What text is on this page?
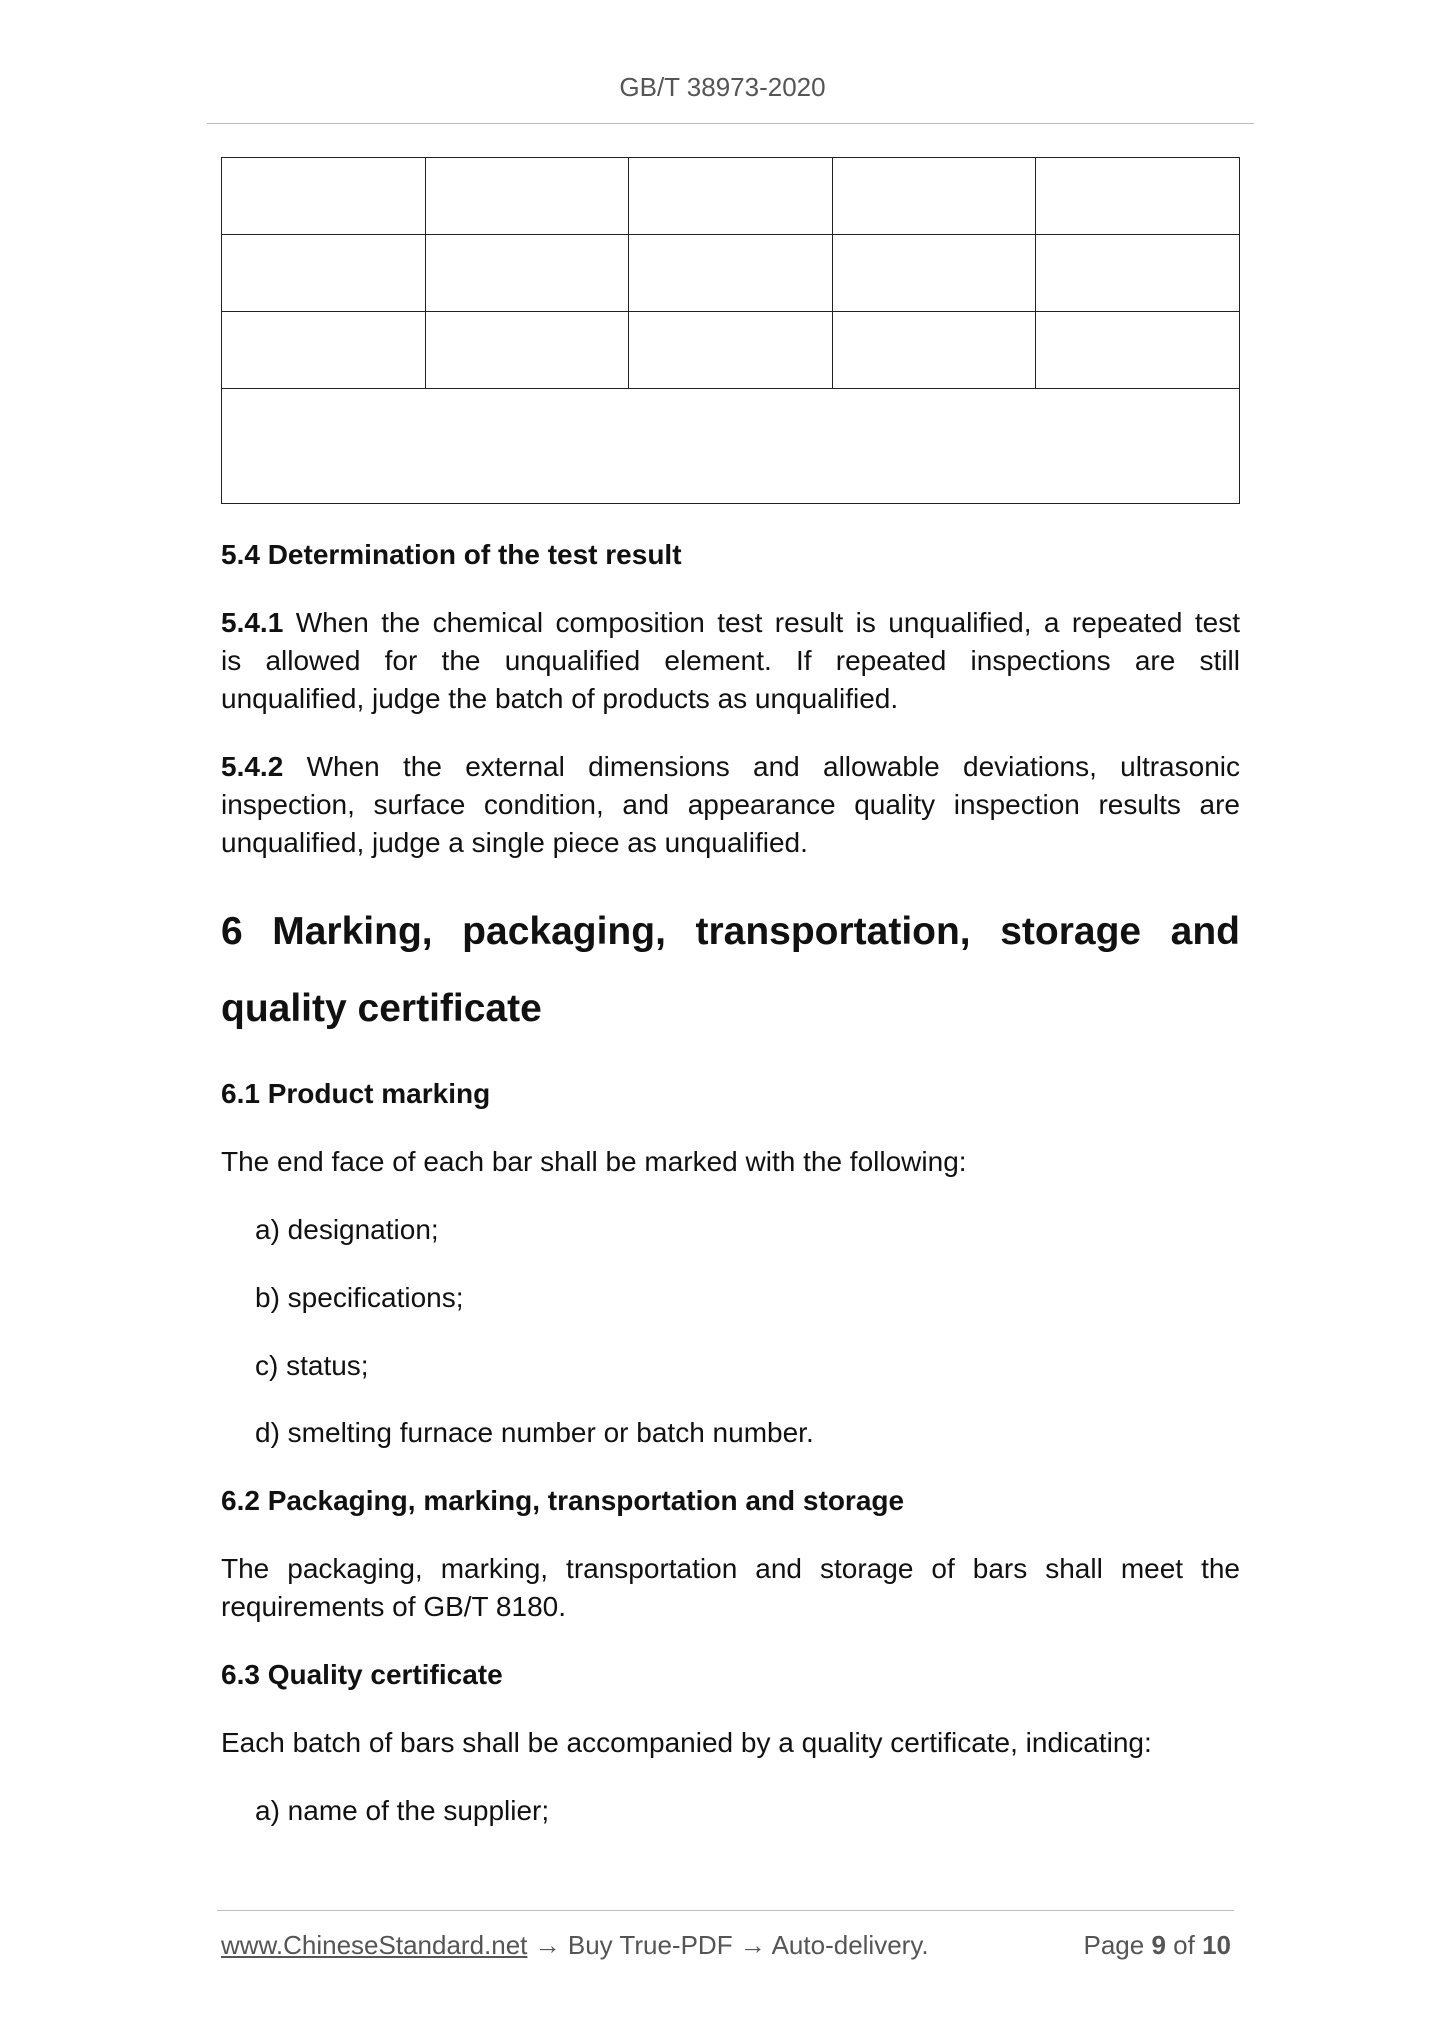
GB/T 38973-2020

5.4 Determination of the test result
5.4.1 When the chemical composition test result is unqualified, a repeated test
is allowed for the unqualified element. If repeated inspections are still
unqualified, judge the batch of products as unqualified.
5.4.2 When the external dimensions and allowable deviations, ultrasonic
inspection, surface condition, and appearance quality inspection results are
unqualified, judge a single piece as unqualified.
6 Marking, packaging, transportation, storage and
quality certificate
6.1 Product marking
The end face of each bar shall be marked with the following:
a) designation;
b) specifications;
c) status;
d) smelting furnace number or batch number.
6.2 Packaging, marking, transportation and storage
The packaging, marking, transportation and storage of bars shall meet the
requirements of GB/T 8180.
6.3 Quality certificate
Each batch of bars shall be accompanied by a quality certificate, indicating:
a) name of the supplier;
www.ChineseStandard.net → Buy True-PDF → Auto-delivery.	Page 9 of 10
